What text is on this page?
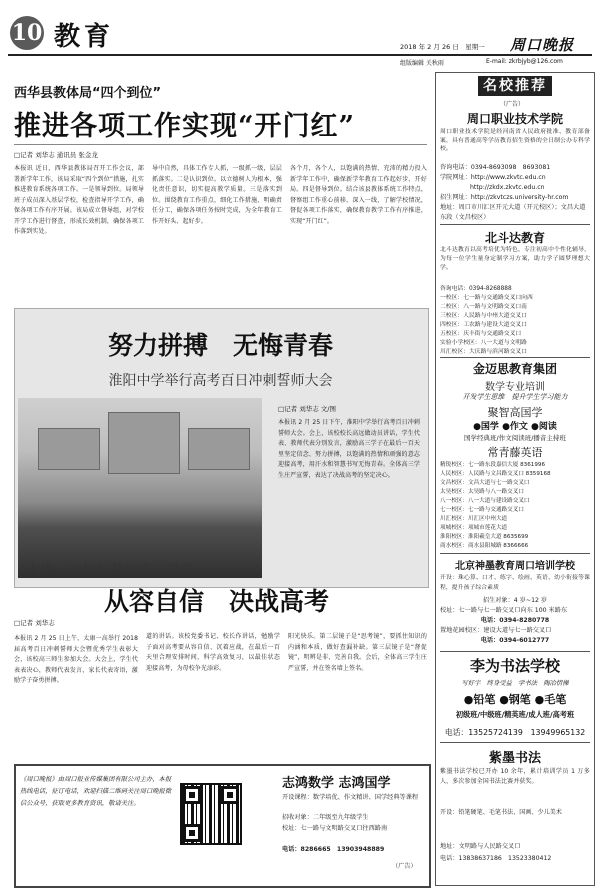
10 教育	2018 年 2 月 26 日　星期一 周口晚报
组版编辑 关秋雨	E-mail: zkrbjyb@126.com
西华县教体局“四个到位”
推进各项工作实现“开门红”
□记者 刘华志 通讯员 张金龙
本报讯 近日，西华县教体局召开工作会议，部署新学年工作，该局采取“四个到位”措施，扎实推进教育系统各项工作。一是领导到位。局领导班子成员深入基层学校，检查指导开学工作，确保各项工作有序开展。该局成立督导组，对学校开学工作进行督查，形成长效机制，确保各项工作落到实处。
导中自然，具体工作专人抓，一级抓一级，层层抓落实。二是认识到位。以立德树人为根本，强化责任意识，切实提高教学质量。三是落实到位。围绕教育工作重点，细化工作措施，明确责任分工，确保各项任务按时完成，为全年教育工作开好头、起好步。
各个月，各个人，以饱满的热情、充沛的精力投入新学年工作中，确保新学年教育工作起好步、开好局。四是督导到位。结合该县教体系统工作特点，督察组工作重心前移，深入一线，了解学校情况，督促各项工作落实，确保教育教学工作有序推进，实现“开门红”。
努力拼搏　无悔青春
淮阳中学举行高考百日冲刺誓师大会
□记者 刘华志 文/图
本报讯 2 月 25 日下午，淮阳中学举行高考百日冲刺誓师大会。会上，该校校长高远做动员讲话，学生代表、教师代表分别发言，激励高三学子在最后一百天里坚定信念、努力拼搏，以饱满的热情和顽强的意志迎接高考，用汗水和智慧书写无悔青春。全体高三学生庄严宣誓，表达了决战高考的坚定决心。
太康一高校长鼓励高三学子
从容自信　决战高考
□记者 刘华志
本报讯 2 月 25 日上午，太康一高举行 2018 届高考百日冲刺誓师大会暨优秀学生表彰大会，该校高三师生参加大会。大会上，学生代表表决心，教师代表发言，家长代表寄语，激励学子奋勇拼搏。
道的讲话。该校党委书记、校长作讲话，勉励学子面对高考要从容自信、沉着应战，在最后一百天里合理安排时间，科学高效复习，以最佳状态迎接高考，为母校争光添彩。
阳光快乐。第二层镜子是“思考镜”，要抓住知识的内涵和本质，做好查漏补缺。第三层镜子是“督促镜”，明辨是非、完善自我。会后，全体高三学生庄严宣誓，并在签名墙上签名。
《周口晚报》由周口报业传媒集团有限公司主办，本报热线电话，征订电话，欢迎扫描二维码关注周口晚报微信公众号，获取更多教育资讯，敬请关注。
志鸿数学 志鸿国学
开设课程：数学培优、作文精讲、国学经典等课程
招收对象：二年级至九年级学生
校址：七一路与文明路交叉口往西路南
电话：8286665　13903948889
（广告）
名校推荐
（广告）
周口职业技术学院
周口职业技术学院是经河南省人民政府批准、教育部备案，具有普通高等学历教育招生资格的全日制公办专科学校。
咨询电话：0394-8693098　8693081
学院网址：http://www.zkvtc.edu.cn
http://zkdx.zkvtc.edu.cn
招生网址：http://zkvtczs.university-hr.com
地址：周口市川汇区开元大道（开元校区）；文昌大道东段（文昌校区）
北斗达教育
北斗达教育以高考培优为特色，专注初高中个性化辅导，为每一位学生量身定制学习方案，助力学子圆梦理想大学。
咨询电话：0394-8268888
一校区：七一路与交通路交叉口向西
二校区：八一路与文明路交叉口南
三校区：人民路与中州大道交叉口
四校区：工农路与建设大道交叉口
五校区：庆丰街与交通路交叉口
实验小学校区：八一大道与文明路
川汇校区：大庆路与滨河路交叉口
金迈思教育集团
数学专业培训
开发学生思维　提升学生学习能力
聚智高国学
●国学 ●作文 ●阅读
国学经典班/作文阅读班/播音主持班
常青藤英语
精锐校区：七一路东段嘉信大厦 8361996
人民校区：人民路与文昌路交叉口 8359168
文昌校区：文昌大道与七一路交叉口
太昊校区：太昊路与八一路交叉口
八一校区：八一大道与建设路交叉口
七一校区：七一路与交通路交叉口
川汇校区：川汇区中州大道
项城校区：项城市莲花大道
淮阳校区：淮阳羲皇大道 8635699
商水校区：商水县阳城路 8366666
北京神墨教育周口培训学校
开设：珠心算、口才、练字、绘画、英语、幼小衔接等课程，提升孩子综合素质
招生对象：4 岁~12 岁
校址：七一路与七一路交叉口向东 100 米路东
电话：0394-8280778
置地花园校区：建设大道与七一路交叉口
电话：0394-6012777
李为书法学校
写好字　终身受益　学书法　陶冶情操
●铅笔 ●钢笔 ●毛笔
初级班/中级班/精英班/成人班/高考班
电话：13525724139　13949965132
紫墨书法
紫墨书法学校已开办 10 余年，累计培训学员 1 万多人，多次参加全国书法比赛并获奖。
开设：铅笔硬笔、毛笔书法、国画、少儿美术
地址：文明路与人民路交叉口
电话：13838637186　13523380412
